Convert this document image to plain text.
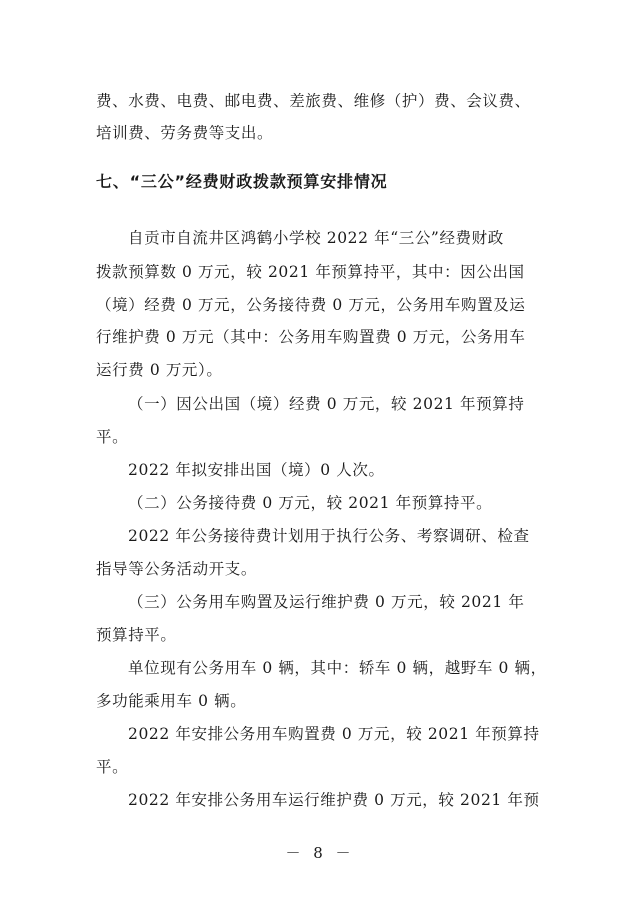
费、水费、电费、邮电费、差旅费、维修（护）费、会议费、
培训费、劳务费等支出。
七、“三公”经费财政拨款预算安排情况
自贡市自流井区鸿鹤小学校 2022 年“三公”经费财政
拨款预算数 0 万元，较 2021 年预算持平，其中：因公出国
（境）经费 0 万元，公务接待费 0 万元，公务用车购置及运
行维护费 0 万元（其中：公务用车购置费 0 万元，公务用车
运行费 0 万元）。
（一）因公出国（境）经费 0 万元，较 2021 年预算持
平。
2022 年拟安排出国（境）0 人次。
（二）公务接待费 0 万元，较 2021 年预算持平。
2022 年公务接待费计划用于执行公务、考察调研、检查
指导等公务活动开支。
（三）公务用车购置及运行维护费 0 万元，较 2021 年
预算持平。
单位现有公务用车 0 辆，其中：轿车 0 辆，越野车 0 辆，
多功能乘用车 0 辆。
2022 年安排公务用车购置费 0 万元，较 2021 年预算持
平。
2022 年安排公务用车运行维护费 0 万元，较 2021 年预
－ 8 －
